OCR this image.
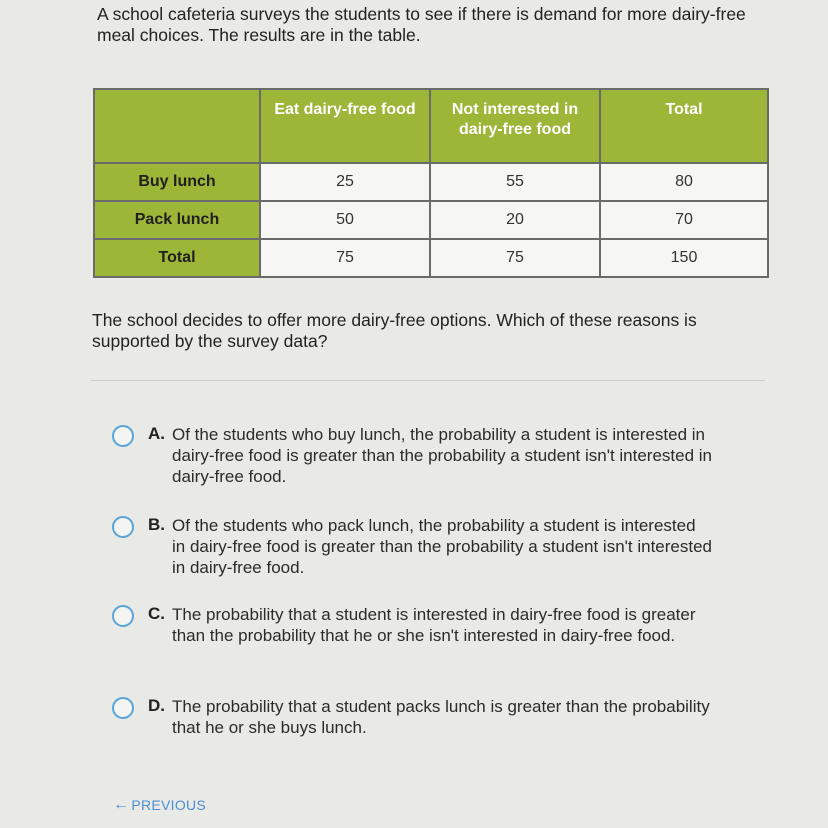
A school cafeteria surveys the students to see if there is demand for more dairy-free meal choices. The results are in the table.
	Eat dairy-free food	Not interested in dairy-free food	Total
Buy lunch	25	55	80
Pack lunch	50	20	70
Total	75	75	150
The school decides to offer more dairy-free options. Which of these reasons is supported by the survey data?
A. Of the students who buy lunch, the probability a student is interested in dairy-free food is greater than the probability a student isn't interested in dairy-free food.
B. Of the students who pack lunch, the probability a student is interested in dairy-free food is greater than the probability a student isn't interested in dairy-free food.
C. The probability that a student is interested in dairy-free food is greater than the probability that he or she isn't interested in dairy-free food.
D. The probability that a student packs lunch is greater than the probability that he or she buys lunch.
← PREVIOUS
